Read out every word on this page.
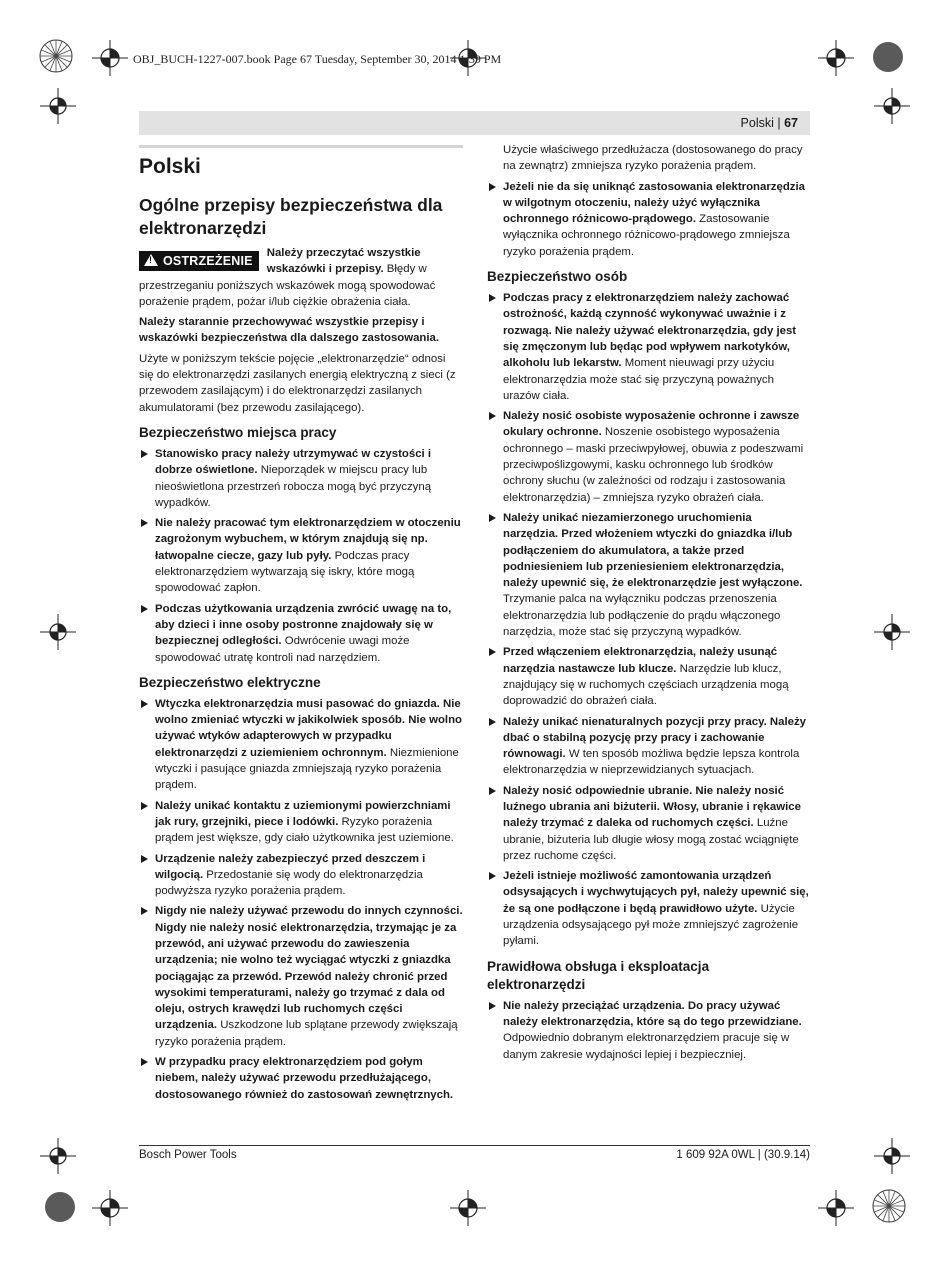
OBJ_BUCH-1227-007.book Page 67 Tuesday, September 30, 2014 1:39 PM
Polski | 67
Polski
Ogólne przepisy bezpieczeństwa dla elektronarzędzi

! OSTRZEŻENIE
Należy przeczytać wszystkie wskazówki i przepisy. Błędy w przestrzeganiu poniższych wskazówek mogą spowodować porażenie prądem, pożar i/lub ciężkie obrażenia ciała.

Należy starannie przechowywać wszystkie przepisy i wskazówki bezpieczeństwa dla dalszego zastosowania.

Użyte w poniższym tekście pojęcie „elektronarzędzie“ odnosi się do elektronarzędzi zasilanych energią elektryczną z sieci (z przewodem zasilającym) i do elektronarzędzi zasilanych akumulatorami (bez przewodu zasilającego).

Bezpieczeństwo miejsca pracy
Stanowisko pracy należy utrzymywać w czystości i dobrze oświetlone. Nieporządek w miejscu pracy lub nieoświetlona przestrzeń robocza mogą być przyczyną wypadków.
Nie należy pracować tym elektronarzędziem w otoczeniu zagrożonym wybuchem, w którym znajdują się np. łatwopalne ciecze, gazy lub pyły. Podczas pracy elektronarzędziem wytwarzają się iskry, które mogą spowodować zapłon.
Podczas użytkowania urządzenia zwrócić uwagę na to, aby dzieci i inne osoby postronne znajdowały się w bezpiecznej odległości. Odwrócenie uwagi może spowodować utratę kontroli nad narzędziem.
Bezpieczeństwo elektryczne
Wtyczka elektronarzędzia musi pasować do gniazda. Nie wolno zmieniać wtyczki w jakikolwiek sposób. Nie wolno używać wtyków adapterowych w przypadku elektronarzędzi z uziemieniem ochronnym. Niezmienione wtyczki i pasujące gniazda zmniejszają ryzyko porażenia prądem.
Należy unikać kontaktu z uziemionymi powierzchniami jak rury, grzejniki, piece i lodówki. Ryzyko porażenia prądem jest większe, gdy ciało użytkownika jest uziemione.
Urządzenie należy zabezpieczyć przed deszczem i wilgocią. Przedostanie się wody do elektronarzędzia podwyższa ryzyko porażenia prądem.
Nigdy nie należy używać przewodu do innych czynności. Nigdy nie należy nosić elektronarzędzia, trzymając je za przewód, ani używać przewodu do zawieszenia urządzenia; nie wolno też wyciągać wtyczki z gniazdka pociągając za przewód. Przewód należy chronić przed wysokimi temperaturami, należy go trzymać z dala od oleju, ostrych krawędzi lub ruchomych części urządzenia. Uszkodzone lub splątane przewody zwiększają ryzyko porażenia prądem.
W przypadku pracy elektronarzędziem pod gołym niebem, należy używać przewodu przedłużającego, dostosowanego również do zastosowań zewnętrznych.

Użycie właściwego przedłużacza (dostosowanego do pracy na zewnątrz) zmniejsza ryzyko porażenia prądem.

Jeżeli nie da się uniknąć zastosowania elektronarzędzia w wilgotnym otoczeniu, należy użyć wyłącznika ochronnego różnicowo-prądowego. Zastosowanie wyłącznika ochronnego różnicowo-prądowego zmniejsza ryzyko porażenia prądem.
Bezpieczeństwo osób
Podczas pracy z elektronarzędziem należy zachować ostrożność, każdą czynność wykonywać uważnie i z rozwagą. Nie należy używać elektronarzędzia, gdy jest się zmęczonym lub będąc pod wpływem narkotyków, alkoholu lub lekarstw. Moment nieuwagi przy użyciu elektronarzędzia może stać się przyczyną poważnych urazów ciała.
Należy nosić osobiste wyposażenie ochronne i zawsze okulary ochronne. Noszenie osobistego wyposażenia ochronnego – maski przeciwpyłowej, obuwia z podeszwami przeciwpoślizgowymi, kasku ochronnego lub środków ochrony słuchu (w zależności od rodzaju i zastosowania elektronarzędzia) – zmniejsza ryzyko obrażeń ciała.
Należy unikać niezamierzonego uruchomienia narzędzia. Przed włożeniem wtyczki do gniazdka i/lub podłączeniem do akumulatora, a także przed podniesieniem lub przeniesieniem elektronarzędzia, należy upewnić się, że elektronarzędzie jest wyłączone. Trzymanie palca na wyłączniku podczas przenoszenia elektronarzędzia lub podłączenie do prądu włączonego narzędzia, może stać się przyczyną wypadków.
Przed włączeniem elektronarzędzia, należy usunąć narzędzia nastawcze lub klucze. Narzędzie lub klucz, znajdujący się w ruchomych częściach urządzenia mogą doprowadzić do obrażeń ciała.
Należy unikać nienaturalnych pozycji przy pracy. Należy dbać o stabilną pozycję przy pracy i zachowanie równowagi. W ten sposób możliwa będzie lepsza kontrola elektronarzędzia w nieprzewidzianych sytuacjach.
Należy nosić odpowiednie ubranie. Nie należy nosić luźnego ubrania ani biżuterii. Włosy, ubranie i rękawice należy trzymać z daleka od ruchomych części. Luźne ubranie, biżuteria lub długie włosy mogą zostać wciągnięte przez ruchome części.
Jeżeli istnieje możliwość zamontowania urządzeń odsysających i wychwytujących pył, należy upewnić się, że są one podłączone i będą prawidłowo użyte. Użycie urządzenia odsysającego pył może zmniejszyć zagrożenie pyłami.
Prawidłowa obsługa i eksploatacja elektronarzędzi
Nie należy przeciążać urządzenia. Do pracy używać należy elektronarzędzia, które są do tego przewidziane. Odpowiednio dobranym elektronarzędziem pracuje się w danym zakresie wydajności lepiej i bezpieczniej.
Bosch Power Tools	1 609 92A 0WL | (30.9.14)
